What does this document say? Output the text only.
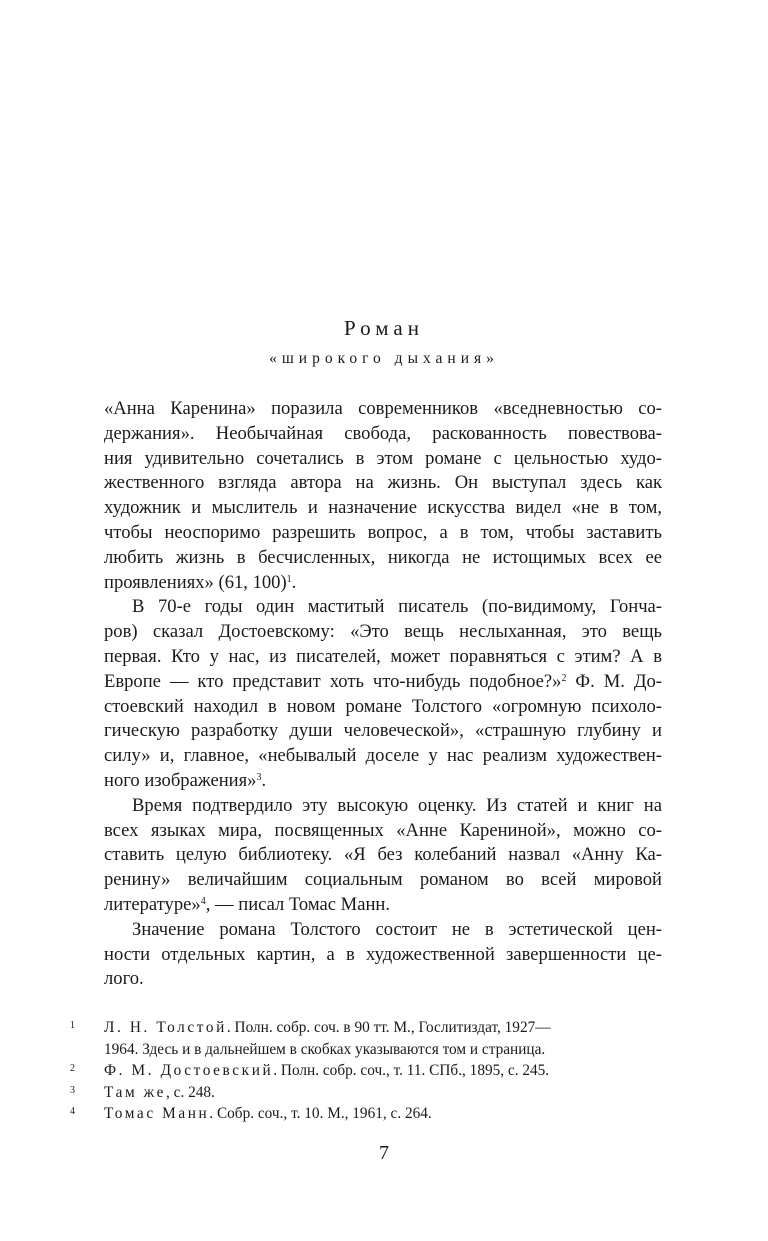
Роман
«широкого дыхания»
«Анна Каренина» поразила современников «вседневностью со-
держания». Необычайная свобода, раскованность повествова-
ния удивительно сочетались в этом романе с цельностью худо-
жественного взгляда автора на жизнь. Он выступал здесь как
художник и мыслитель и назначение искусства видел «не в том,
чтобы неоспоримо разрешить вопрос, а в том, чтобы заставить
любить жизнь в бесчисленных, никогда не истощимых всех ее
проявлениях» (61, 100)$^1$.
В 70-е годы один маститый писатель (по-видимому, Гонча-
ров) сказал Достоевскому: «Это вещь неслыханная, это вещь
первая. Кто у нас, из писателей, может поравняться с этим? А в
Европе — кто представит хоть что-нибудь подобное?»$^2$ Ф. М. До-
стоевский находил в новом романе Толстого «огромную психоло-
гическую разработку души человеческой», «страшную глубину и
силу» и, главное, «небывалый доселе у нас реализм художествен-
ного изображения»$^3$.
Время подтвердило эту высокую оценку. Из статей и книг на
всех языках мира, посвященных «Анне Карениной», можно со-
ставить целую библиотеку. «Я без колебаний назвал «Анну Ка-
ренину» величайшим социальным романом во всей мировой
литературе»$^4$, — писал Томас Манн.
Значение романа Толстого состоит не в эстетической цен-
ности отдельных картин, а в художественной завершенности це-
лого.
1 Л. Н. Толстой. Полн. собр. соч. в 90 тт. М., Гослитиздат, 1927—
1964. Здесь и в дальнейшем в скобках указываются том и страница.
2 Ф. М. Достоевский. Полн. собр. соч., т. 11. СПб., 1895, с. 245.
3 Там же, с. 248.
4 Томас Манн. Собр. соч., т. 10. М., 1961, с. 264.
7
